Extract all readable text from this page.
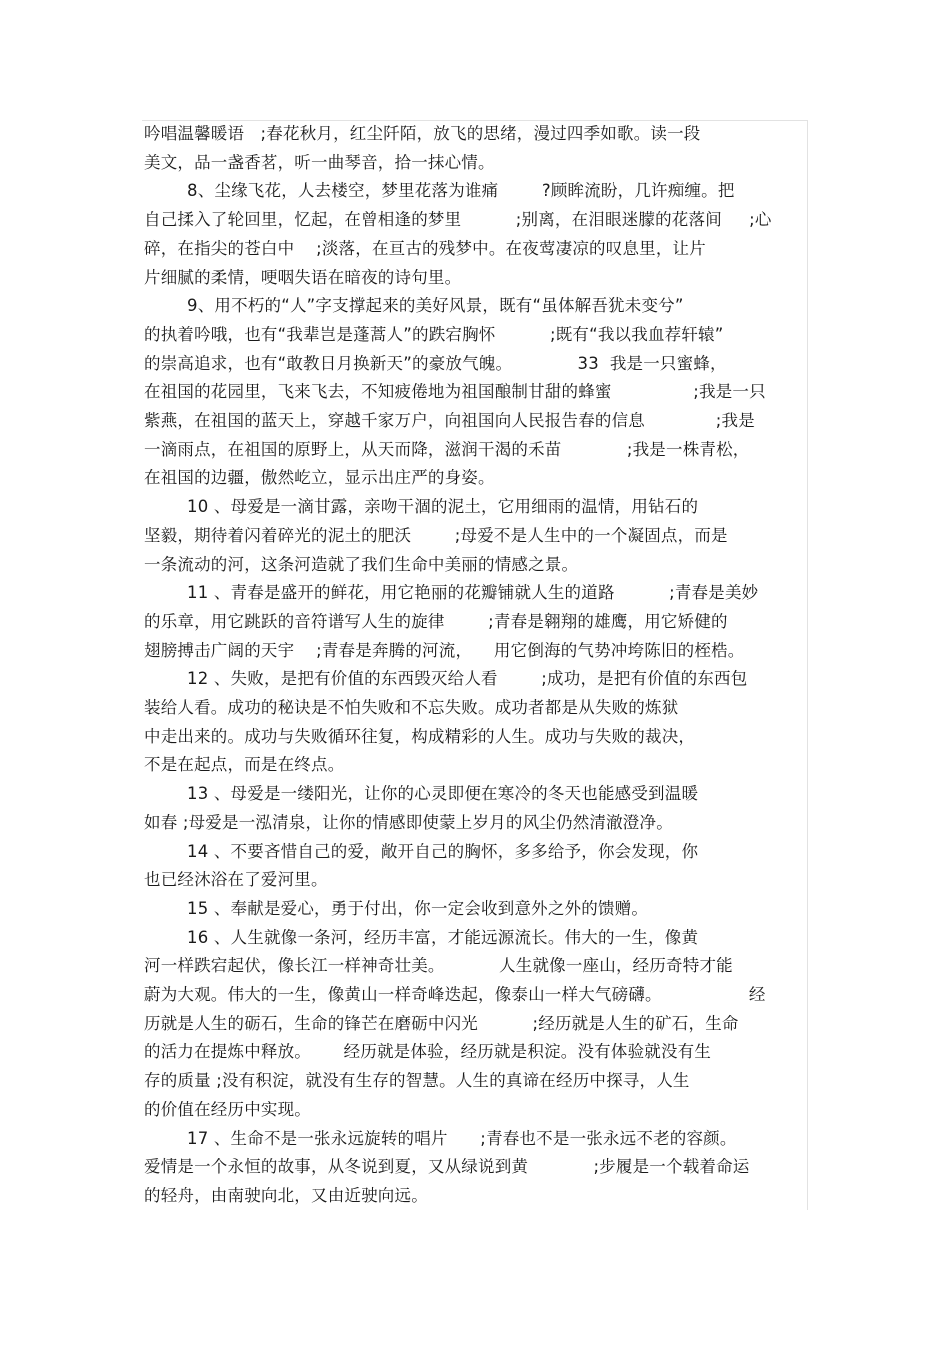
吟唱温馨暖语   ;春花秋月，红尘阡陌，放飞的思绪，漫过四季如歌。读一段
美文，品一盏香茗，听一曲琴音，拾一抹心情。
8、尘缘飞花，人去楼空，梦里花落为谁痛        ?顾眸流盼，几许痴缠。把
自己揉入了轮回里，忆起，在曾相逢的梦里          ;别离，在泪眼迷朦的花落间     ;心
碎，在指尖的苍白中    ;淡落，在亘古的残梦中。在夜莺凄凉的叹息里，让片
片细腻的柔情，哽咽失语在暗夜的诗句里。
9、用不朽的“人”字支撑起来的美好风景，既有“虽体解吾犹未变兮”
的执着吟哦，也有“我辈岂是蓬蒿人”的跌宕胸怀          ;既有“我以我血荐轩辕”
的崇高追求，也有“敢教日月换新天”的豪放气魄。            33  我是一只蜜蜂，
在祖国的花园里，飞来飞去，不知疲倦地为祖国酿制甘甜的蜂蜜               ;我是一只
紫燕，在祖国的蓝天上，穿越千家万户，向祖国向人民报告春的信息             ;我是
一滴雨点，在祖国的原野上，从天而降，滋润干渴的禾苗            ;我是一株青松，
在祖国的边疆，傲然屹立，显示出庄严的身姿。
10 、母爱是一滴甘露，亲吻干涸的泥土，它用细雨的温情，用钻石的
坚毅，期待着闪着碎光的泥土的肥沃        ;母爱不是人生中的一个凝固点，而是
一条流动的河，这条河造就了我们生命中美丽的情感之景。
11 、青春是盛开的鲜花，用它艳丽的花瓣铺就人生的道路          ;青春是美妙
的乐章，用它跳跃的音符谱写人生的旋律        ;青春是翱翔的雄鹰，用它矫健的
翅膀搏击广阔的天宇    ;青春是奔腾的河流，    用它倒海的气势冲垮陈旧的桎梏。
12 、失败，是把有价值的东西毁灭给人看        ;成功，是把有价值的东西包
装给人看。成功的秘诀是不怕失败和不忘失败。成功者都是从失败的炼狱
中走出来的。成功与失败循环往复，构成精彩的人生。成功与失败的裁决，
不是在起点，而是在终点。
13 、母爱是一缕阳光，让你的心灵即便在寒冷的冬天也能感受到温暖
如春 ;母爱是一泓清泉，让你的情感即使蒙上岁月的风尘仍然清澈澄净。
14 、不要吝惜自己的爱，敞开自己的胸怀，多多给予，你会发现，你
也已经沐浴在了爱河里。
15 、奉献是爱心，勇于付出，你一定会收到意外之外的馈赠。
16 、人生就像一条河，经历丰富，才能远源流长。伟大的一生，像黄
河一样跌宕起伏，像长江一样神奇壮美。          人生就像一座山，经历奇特才能
蔚为大观。伟大的一生，像黄山一样奇峰迭起，像泰山一样大气磅礴。                经
历就是人生的砺石，生命的锋芒在磨砺中闪光          ;经历就是人生的矿石，生命
的活力在提炼中释放。      经历就是体验，经历就是积淀。没有体验就没有生
存的质量 ;没有积淀，就没有生存的智慧。人生的真谛在经历中探寻，人生
的价值在经历中实现。
17 、生命不是一张永远旋转的唱片      ;青春也不是一张永远不老的容颜。
爱情是一个永恒的故事，从冬说到夏，又从绿说到黄            ;步履是一个载着命运
的轻舟，由南驶向北，又由近驶向远。
